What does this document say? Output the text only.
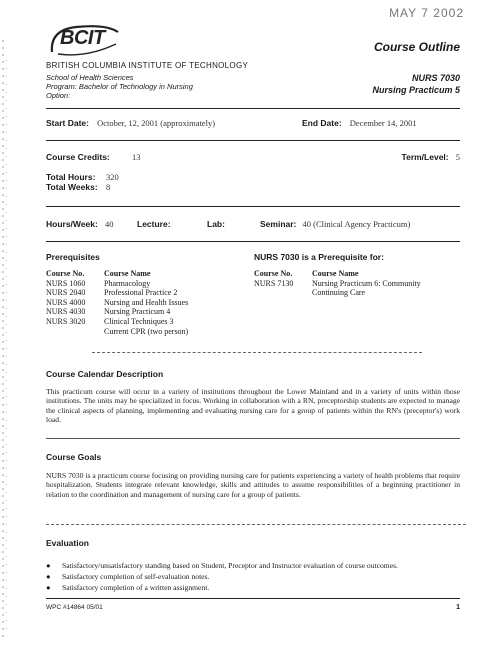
MAY 7 2002
BCIT
BRITISH COLUMBIA INSTITUTE OF TECHNOLOGY
School of Health Sciences
Program: Bachelor of Technology in Nursing
Option:
Course Outline
NURS 7030
Nursing Practicum 5
Start Date: October, 12, 2001 (approximately)	End Date: December 14, 2001
Course Credits:	13	Term/Level: 5
Total Hours: 320
Total Weeks: 8
Hours/Week: 40	Lecture:	Lab:	Seminar: 40 (Clinical Agency Practicum)
Prerequisites	NURS 7030 is a Prerequisite for:
Course No. Course Name
NURS 1060 Pharmacology
NURS 2040 Professional Practice 2
NURS 4000 Nursing and Health Issues
NURS 4030 Nursing Practicum 4
NURS 3020 Clinical Techniques 3
Current CPR (two person)
Course No. Course Name
NURS 7130 Nursing Practicum 6: Community
Continuing Care
Course Calendar Description
This practicum course will occur in a variety of institutions throughout the Lower Mainland and in a variety of units within those institutions. The units may be specialized in focus. Working in collaboration with a RN, preceptorship students are expected to manage the clinical aspects of planning, implementing and evaluating nursing care for a group of patients within the RN's (preceptor's) work load.
Course Goals
NURS 7030 is a practicum course focusing on providing nursing care for patients experiencing a variety of health problems that require hospitalization. Students integrate relevant knowledge, skills and attitudes to assume responsibilities of a beginning practitioner in relation to the coordination and management of nursing care for a group of patients.
Evaluation
● Satisfactory/unsatisfactory standing based on Student, Preceptor and Instructor evaluation of course outcomes.
● Satisfactory completion of self-evaluation notes.
● Satisfactory completion of a written assignment.
WPC #14864 05/01	1
